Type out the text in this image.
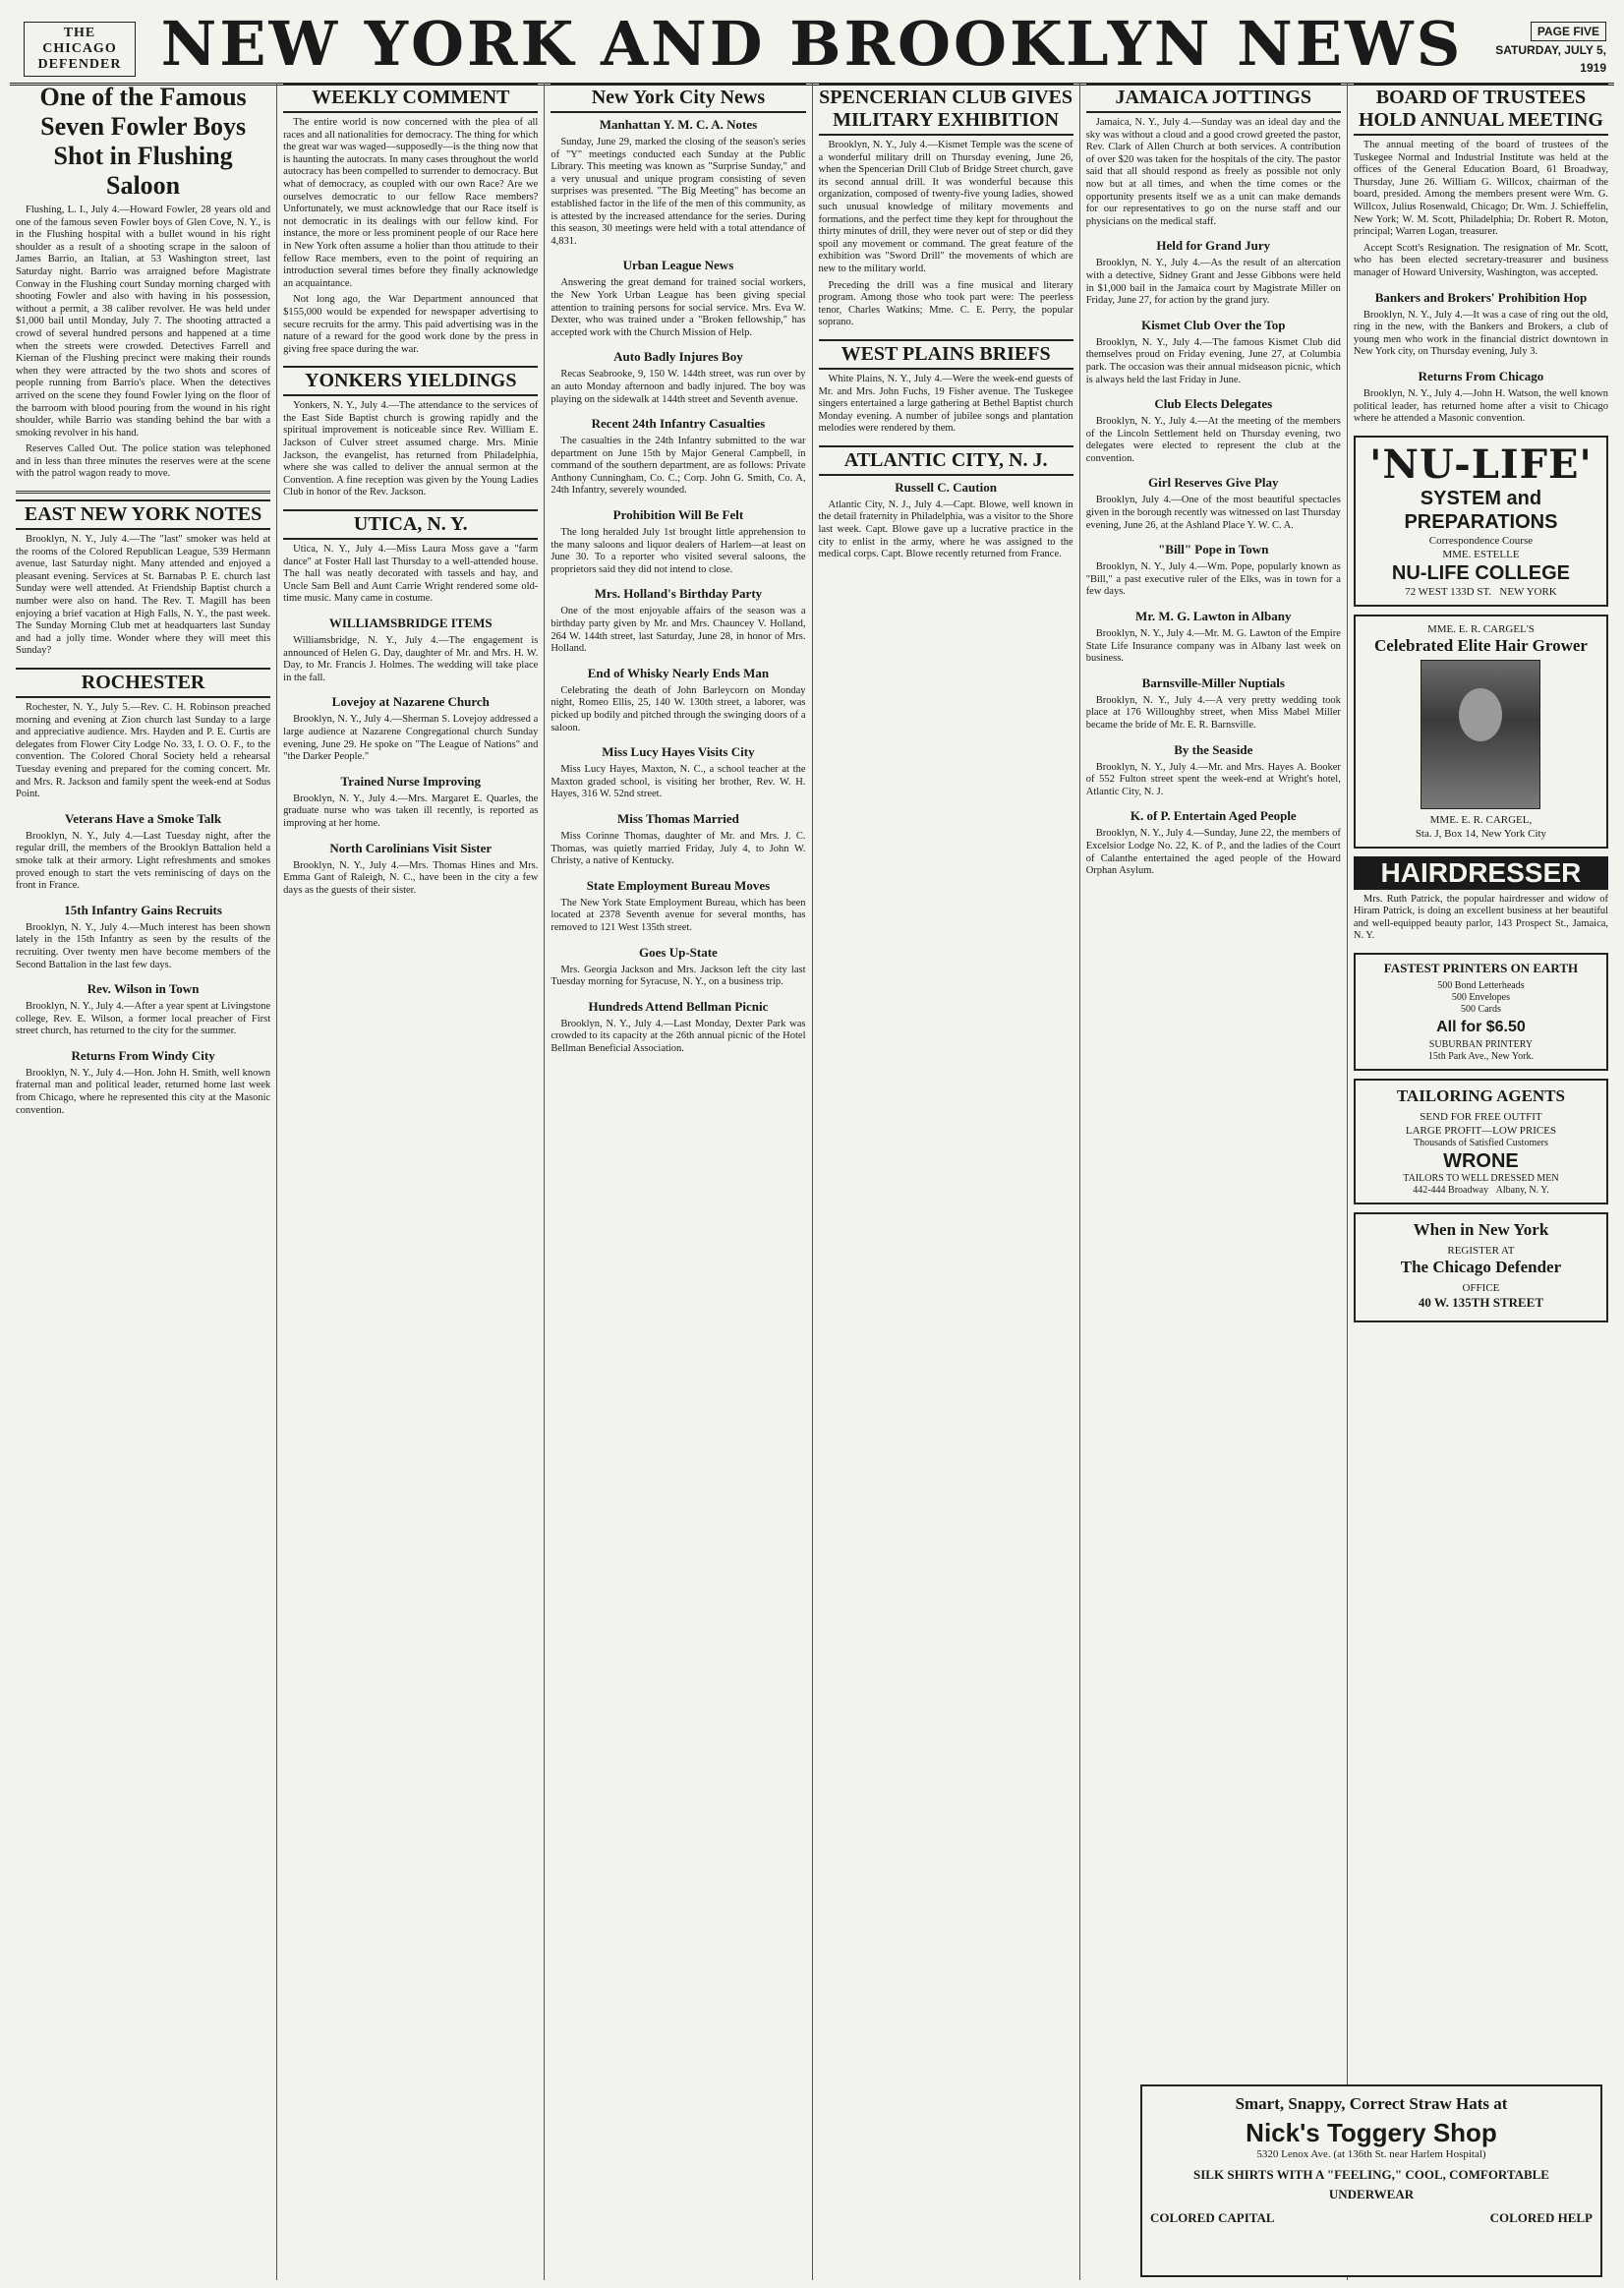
THE CHICAGO
DEFENDER NEW YORK AND BROOKLYN NEWS	PAGE FIVE
SATURDAY, JULY 5, 1919
One of the Famous Seven Fowler Boys Shot in Flushing Saloon

Flushing, L. I., July 4.—Howard Fowler, 28 years old and one of the famous seven Fowler boys of Glen Cove, N. Y., is in the Flushing hospital with a bullet wound in his right shoulder as a result of a shooting scrape in the saloon of James Barrio, an Italian, at 53 Washington street, last Saturday night. Barrio was arraigned before Magistrate Conway in the Flushing court Sunday morning charged with shooting Fowler and also with having in his possession, without a permit, a 38 caliber revolver. He was held under $1,000 bail until Monday, July 7. The shooting attracted a crowd of several hundred persons and happened at a time when the streets were crowded. Detectives Farrell and Kiernan of the Flushing precinct were making their rounds when they were attracted by the two shots and scores of people running from Barrio's place. When the detectives arrived on the scene they found Fowler lying on the floor of the barroom with blood pouring from the wound in his right shoulder, while Barrio was standing behind the bar with a smoking revolver in his hand.

Reserves Called Out. The police station was telephoned and in less than three minutes the reserves were at the scene with the patrol wagon ready to move.

EAST NEW YORK NOTES

Brooklyn, N. Y., July 4.—The "last" smoker was held at the rooms of the Colored Republican League, 539 Hermann avenue, last Saturday night. Many attended and enjoyed a pleasant evening. Services at St. Barnabas P. E. church last Sunday were well attended. At Friendship Baptist church a number were also on hand. The Rev. T. Magill has been enjoying a brief vacation at High Falls, N. Y., the past week. The Sunday Morning Club met at headquarters last Sunday and had a jolly time. Wonder where they will meet this Sunday?

ROCHESTER

Rochester, N. Y., July 5.—Rev. C. H. Robinson preached morning and evening at Zion church last Sunday to a large and appreciative audience. Mrs. Hayden and P. E. Curtis are delegates from Flower City Lodge No. 33, I. O. O. F., to the convention. The Colored Choral Society held a rehearsal Tuesday evening and prepared for the coming concert. Mr. and Mrs. R. Jackson and family spent the week-end at Sodus Point.

Veterans Have a Smoke Talk

Brooklyn, N. Y., July 4.—Last Tuesday night, after the regular drill, the members of the Brooklyn Battalion held a smoke talk at their armory. Light refreshments and smokes proved enough to start the vets reminiscing of days on the front in France.

15th Infantry Gains Recruits

Brooklyn, N. Y., July 4.—Much interest has been shown lately in the 15th Infantry as seen by the results of the recruiting. Over twenty men have become members of the Second Battalion in the last few days.

Rev. Wilson in Town

Brooklyn, N. Y., July 4.—After a year spent at Livingstone college, Rev. E. Wilson, a former local preacher of First street church, has returned to the city for the summer.

Returns From Windy City

Brooklyn, N. Y., July 4.—Hon. John H. Smith, well known fraternal man and political leader, returned home last week from Chicago, where he represented this city at the Masonic convention.

WEEKLY COMMENT

The entire world is now concerned with the plea of all races and all nationalities for democracy. The thing for which the great war was waged—supposedly—is the thing now that is haunting the autocrats. In many cases throughout the world autocracy has been compelled to surrender to democracy. But what of democracy, as coupled with our own Race? Are we ourselves democratic to our fellow Race members? Unfortunately, we must acknowledge that our Race itself is not democratic in its dealings with our fellow kind. For instance, the more or less prominent people of our Race here in New York often assume a holier than thou attitude to their fellow Race members, even to the point of requiring an introduction several times before they finally acknowledge an acquaintance.

Not long ago, the War Department announced that $155,000 would be expended for newspaper advertising to secure recruits for the army. This paid advertising was in the nature of a reward for the good work done by the press in giving free space during the war.

YONKERS YIELDINGS

Yonkers, N. Y., July 4.—The attendance to the services of the East Side Baptist church is growing rapidly and the spiritual improvement is noticeable since Rev. William E. Jackson of Culver street assumed charge. Mrs. Minie Jackson, the evangelist, has returned from Philadelphia, where she was called to deliver the annual sermon at the Convention. A fine reception was given by the Young Ladies Club in honor of the Rev. Jackson.

UTICA, N. Y.

Utica, N. Y., July 4.—Miss Laura Moss gave a "farm dance" at Foster Hall last Thursday to a well-attended house. The hall was neatly decorated with tassels and hay, and Uncle Sam Bell and Aunt Carrie Wright rendered some old-time music. Many came in costume.

WILLIAMSBRIDGE ITEMS

Williamsbridge, N. Y., July 4.—The engagement is announced of Helen G. Day, daughter of Mr. and Mrs. H. W. Day, to Mr. Francis J. Holmes. The wedding will take place in the fall.

Lovejoy at Nazarene Church

Brooklyn, N. Y., July 4.—Sherman S. Lovejoy addressed a large audience at Nazarene Congregational church Sunday evening, June 29. He spoke on "The League of Nations" and "the Darker People."

Trained Nurse Improving

Brooklyn, N. Y., July 4.—Mrs. Margaret E. Quarles, the graduate nurse who was taken ill recently, is reported as improving at her home.

North Carolinians Visit Sister

Brooklyn, N. Y., July 4.—Mrs. Thomas Hines and Mrs. Emma Gant of Raleigh, N. C., have been in the city a few days as the guests of their sister.

New York City News
Manhattan Y. M. C. A. Notes

Sunday, June 29, marked the closing of the season's series of "Y" meetings conducted each Sunday at the Public Library. This meeting was known as "Surprise Sunday," and a very unusual and unique program consisting of seven surprises was presented. "The Big Meeting" has become an established factor in the life of the men of this community, as is attested by the increased attendance for the series. During this season, 30 meetings were held with a total attendance of 4,831.

Urban League News

Answering the great demand for trained social workers, the New York Urban League has been giving special attention to training persons for social service. Mrs. Eva W. Dexter, who was trained under a "Broken fellowship," has accepted work with the Church Mission of Help.

Auto Badly Injures Boy

Recas Seabrooke, 9, 150 W. 144th street, was run over by an auto Monday afternoon and badly injured. The boy was playing on the sidewalk at 144th street and Seventh avenue.

Recent 24th Infantry Casualties

The casualties in the 24th Infantry submitted to the war department on June 15th by Major General Campbell, in command of the southern department, are as follows: Private Anthony Cunningham, Co. C.; Corp. John G. Smith, Co. A, 24th Infantry, severely wounded.

Prohibition Will Be Felt

The long heralded July 1st brought little apprehension to the many saloons and liquor dealers of Harlem—at least on June 30. To a reporter who visited several saloons, the proprietors said they did not intend to close.

Mrs. Holland's Birthday Party

One of the most enjoyable affairs of the season was a birthday party given by Mr. and Mrs. Chauncey V. Holland, 264 W. 144th street, last Saturday, June 28, in honor of Mrs. Holland.

End of Whisky Nearly Ends Man

Celebrating the death of John Barleycorn on Monday night, Romeo Ellis, 25, 140 W. 130th street, a laborer, was picked up bodily and pitched through the swinging doors of a saloon.

Miss Lucy Hayes Visits City

Miss Lucy Hayes, Maxton, N. C., a school teacher at the Maxton graded school, is visiting her brother, Rev. W. H. Hayes, 316 W. 52nd street.

Miss Thomas Married

Miss Corinne Thomas, daughter of Mr. and Mrs. J. C. Thomas, was quietly married Friday, July 4, to John W. Christy, a native of Kentucky.

State Employment Bureau Moves

The New York State Employment Bureau, which has been located at 2378 Seventh avenue for several months, has removed to 121 West 135th street.

Goes Up-State

Mrs. Georgia Jackson and Mrs. Jackson left the city last Tuesday morning for Syracuse, N. Y., on a business trip.

Hundreds Attend Bellman Picnic

Brooklyn, N. Y., July 4.—Last Monday, Dexter Park was crowded to its capacity at the 26th annual picnic of the Hotel Bellman Beneficial Association.

SPENCERIAN CLUB GIVES MILITARY EXHIBITION

Brooklyn, N. Y., July 4.—Kismet Temple was the scene of a wonderful military drill on Thursday evening, June 26, when the Spencerian Drill Club of Bridge Street church, gave its second annual drill. It was wonderful because this organization, composed of twenty-five young ladies, showed such unusual knowledge of military movements and formations, and the perfect time they kept for throughout the thirty minutes of drill, they were never out of step or did they spoil any movement or command. The great feature of the exhibition was "Sword Drill" the movements of which are new to the military world.

Preceding the drill was a fine musical and literary program. Among those who took part were: The peerless tenor, Charles Watkins; Mme. C. E. Perry, the popular soprano.

WEST PLAINS BRIEFS

White Plains, N. Y., July 4.—Were the week-end guests of Mr. and Mrs. John Fuchs, 19 Fisher avenue. The Tuskegee singers entertained a large gathering at Bethel Baptist church Monday evening. A number of jubilee songs and plantation melodies were rendered by them.

ATLANTIC CITY, N. J.
Russell C. Caution

Atlantic City, N. J., July 4.—Capt. Blowe, well known in the detail fraternity in Philadelphia, was a visitor to the Shore last week. Capt. Blowe gave up a lucrative practice in the city to enlist in the army, where he was assigned to the medical corps. Capt. Blowe recently returned from France.

JAMAICA JOTTINGS

Jamaica, N. Y., July 4.—Sunday was an ideal day and the sky was without a cloud and a good crowd greeted the pastor, Rev. Clark of Allen Church at both services. A contribution of over $20 was taken for the hospitals of the city. The pastor said that all should respond as freely as possible not only now but at all times, and when the time comes or the opportunity presents itself we as a unit can make demands for our representatives to go on the nurse staff and our physicians on the medical staff.

Held for Grand Jury

Brooklyn, N. Y., July 4.—As the result of an altercation with a detective, Sidney Grant and Jesse Gibbons were held in $1,000 bail in the Jamaica court by Magistrate Miller on Friday, June 27, for action by the grand jury.

Kismet Club Over the Top

Brooklyn, N. Y., July 4.—The famous Kismet Club did themselves proud on Friday evening, June 27, at Columbia park. The occasion was their annual midseason picnic, which is always held the last Friday in June.

Club Elects Delegates

Brooklyn, N. Y., July 4.—At the meeting of the members of the Lincoln Settlement held on Thursday evening, two delegates were elected to represent the club at the convention.

Girl Reserves Give Play

Brooklyn, July 4.—One of the most beautiful spectacles given in the borough recently was witnessed on last Thursday evening, June 26, at the Ashland Place Y. W. C. A.

"Bill" Pope in Town

Brooklyn, N. Y., July 4.—Wm. Pope, popularly known as "Bill," a past executive ruler of the Elks, was in town for a few days.

Mr. M. G. Lawton in Albany

Brooklyn, N. Y., July 4.—Mr. M. G. Lawton of the Empire State Life Insurance company was in Albany last week on business.

Barnsville-Miller Nuptials

Brooklyn, N. Y., July 4.—A very pretty wedding took place at 176 Willoughby street, when Miss Mabel Miller became the bride of Mr. E. R. Barnsville.

By the Seaside

Brooklyn, N. Y., July 4.—Mr. and Mrs. Hayes A. Booker of 552 Fulton street spent the week-end at Wright's hotel, Atlantic City, N. J.

K. of P. Entertain Aged People

Brooklyn, N. Y., July 4.—Sunday, June 22, the members of Excelsior Lodge No. 22, K. of P., and the ladies of the Court of Calanthe entertained the aged people of the Howard Orphan Asylum.

BOARD OF TRUSTEES HOLD ANNUAL MEETING

The annual meeting of the board of trustees of the Tuskegee Normal and Industrial Institute was held at the offices of the General Education Board, 61 Broadway, Thursday, June 26. William G. Willcox, chairman of the board, presided. Among the members present were Wm. G. Willcox, Julius Rosenwald, Chicago; Dr. Wm. J. Schieffelin, New York; W. M. Scott, Philadelphia; Dr. Robert R. Moton, principal; Warren Logan, treasurer.

Accept Scott's Resignation. The resignation of Mr. Scott, who has been elected secretary-treasurer and business manager of Howard University, Washington, was accepted.

Bankers and Brokers' Prohibition Hop

Brooklyn, N. Y., July 4.—It was a case of ring out the old, ring in the new, with the Bankers and Brokers, a club of young men who work in the financial district downtown in New York city, on Thursday evening, July 3.

Returns From Chicago

Brooklyn, N. Y., July 4.—John H. Watson, the well known political leader, has returned home after a visit to Chicago where he attended a Masonic convention.

'NU-LIFE'
SYSTEM and
PREPARATIONS
Correspondence Course
MME. ESTELLE
NU-LIFE COLLEGE
72 WEST 133D ST.
NEW YORK
MME. E. R. CARGEL'S
Celebrated Elite Hair Grower
MME. E. R. CARGEL,
Sta. J, Box 14, New York City
HAIRDRESSER

Mrs. Ruth Patrick, the popular hairdresser and widow of Hiram Patrick, is doing an excellent business at her beautiful and well-equipped beauty parlor, 143 Prospect St., Jamaica, N. Y.

FASTEST PRINTERS ON EARTH
500 Bond Letterheads
500 Envelopes
500 Cards
All for $6.50
SUBURBAN PRINTERY
15th Park Ave., New York.
TAILORING AGENTS
SEND FOR FREE OUTFIT
LARGE PROFIT—LOW PRICES
Thousands of Satisfied Customers
WRONE
TAILORS TO WELL DRESSED MEN
442-444 Broadway
Albany, N. Y.
When in New York
REGISTER AT
The Chicago Defender
OFFICE
40 W. 135TH STREET
Smart, Snappy, Correct Straw Hats at
Nick's Toggery Shop
5320 Lenox Ave. (at 136th St. near Harlem Hospital)
SILK SHIRTS WITH A "FEELING," COOL, COMFORTABLE
UNDERWEAR
COLORED CAPITAL	COLORED HELP
